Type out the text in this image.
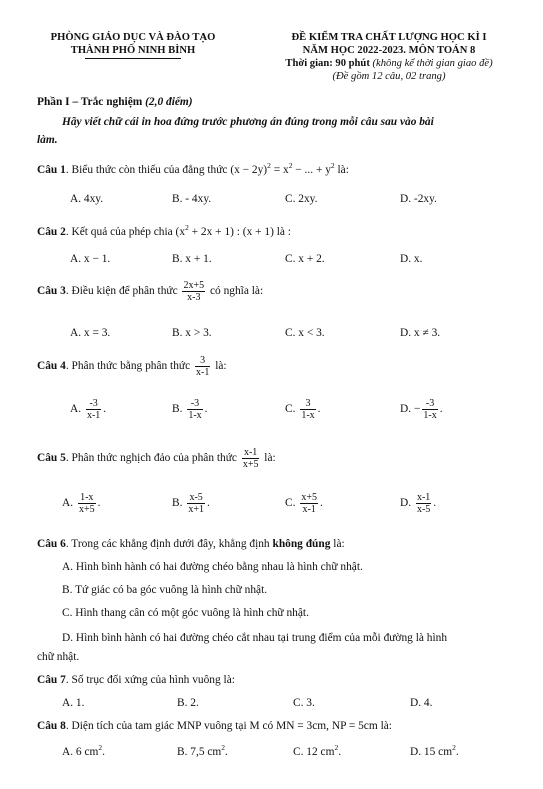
PHÒNG GIÁO DỤC VÀ ĐÀO TẠO
THÀNH PHỐ NINH BÌNH
ĐỀ KIỂM TRA CHẤT LƯỢNG HỌC KÌ I
NĂM HỌC 2022-2023. MÔN TOÁN 8
Thời gian: 90 phút (không kể thời gian giao đề)
(Đề gồm 12 câu, 02 trang)
Phần I – Trắc nghiệm (2,0 điểm)
Hãy viết chữ cái in hoa đứng trước phương án đúng trong mỗi câu sau vào bài
làm.
Câu 1. Biểu thức còn thiếu của đẳng thức $(x - 2y)^2 = x^2$ − ... + $y^2$ là:
A. 4xy.	B. - 4xy.	C. 2xy.	D. -2xy.
Câu 2. Kết quả của phép chia $(x^2 + 2x + 1)$ : (x + 1) là :
A. x − 1.	B. x + 1.	C. x + 2.	D. x.
Câu 3. Điều kiện để phân thức $\frac{2x+5}{x-3}$ có nghĩa là:
A. x = 3.	B. x > 3.	C. x < 3.	D. x ≠ 3.
Câu 4. Phân thức bằng phân thức $\frac{3}{x-1}$ là:
A. $\frac{-3}{x-1}$ .	B. $\frac{-3}{1-x}$ .	C. $\frac{3}{1-x}$ .	D. − $\frac{-3}{1-x}$ .
Câu 5. Phân thức nghịch đảo của phân thức $\frac{x-1}{x+5}$ là:
A. $\frac{1-x}{x+5}$ .	B. $\frac{x-5}{x+1}$ .	C. $\frac{x+5}{x-1}$ .	D. $\frac{x-1}{x-5}$ .
Câu 6. Trong các khẳng định dưới đây, khẳng định không đúng là:
A. Hình bình hành có hai đường chéo bằng nhau là hình chữ nhật.
B. Tứ giác có ba góc vuông là hình chữ nhật.
C. Hình thang cân có một góc vuông là hình chữ nhật.
D. Hình bình hành có hai đường chéo cắt nhau tại trung điểm của mỗi đường là hình
chữ nhật.
Câu 7. Số trục đối xứng của hình vuông là:
A. 1.	B. 2.	C. 3.	D. 4.
Câu 8. Diện tích của tam giác MNP vuông tại M có MN = 3cm, NP = 5cm là:
A. 6 $cm^2$.	B. 7,5 $cm^2$.	C. 12 $cm^2$.	D. 15 $cm^2$.
